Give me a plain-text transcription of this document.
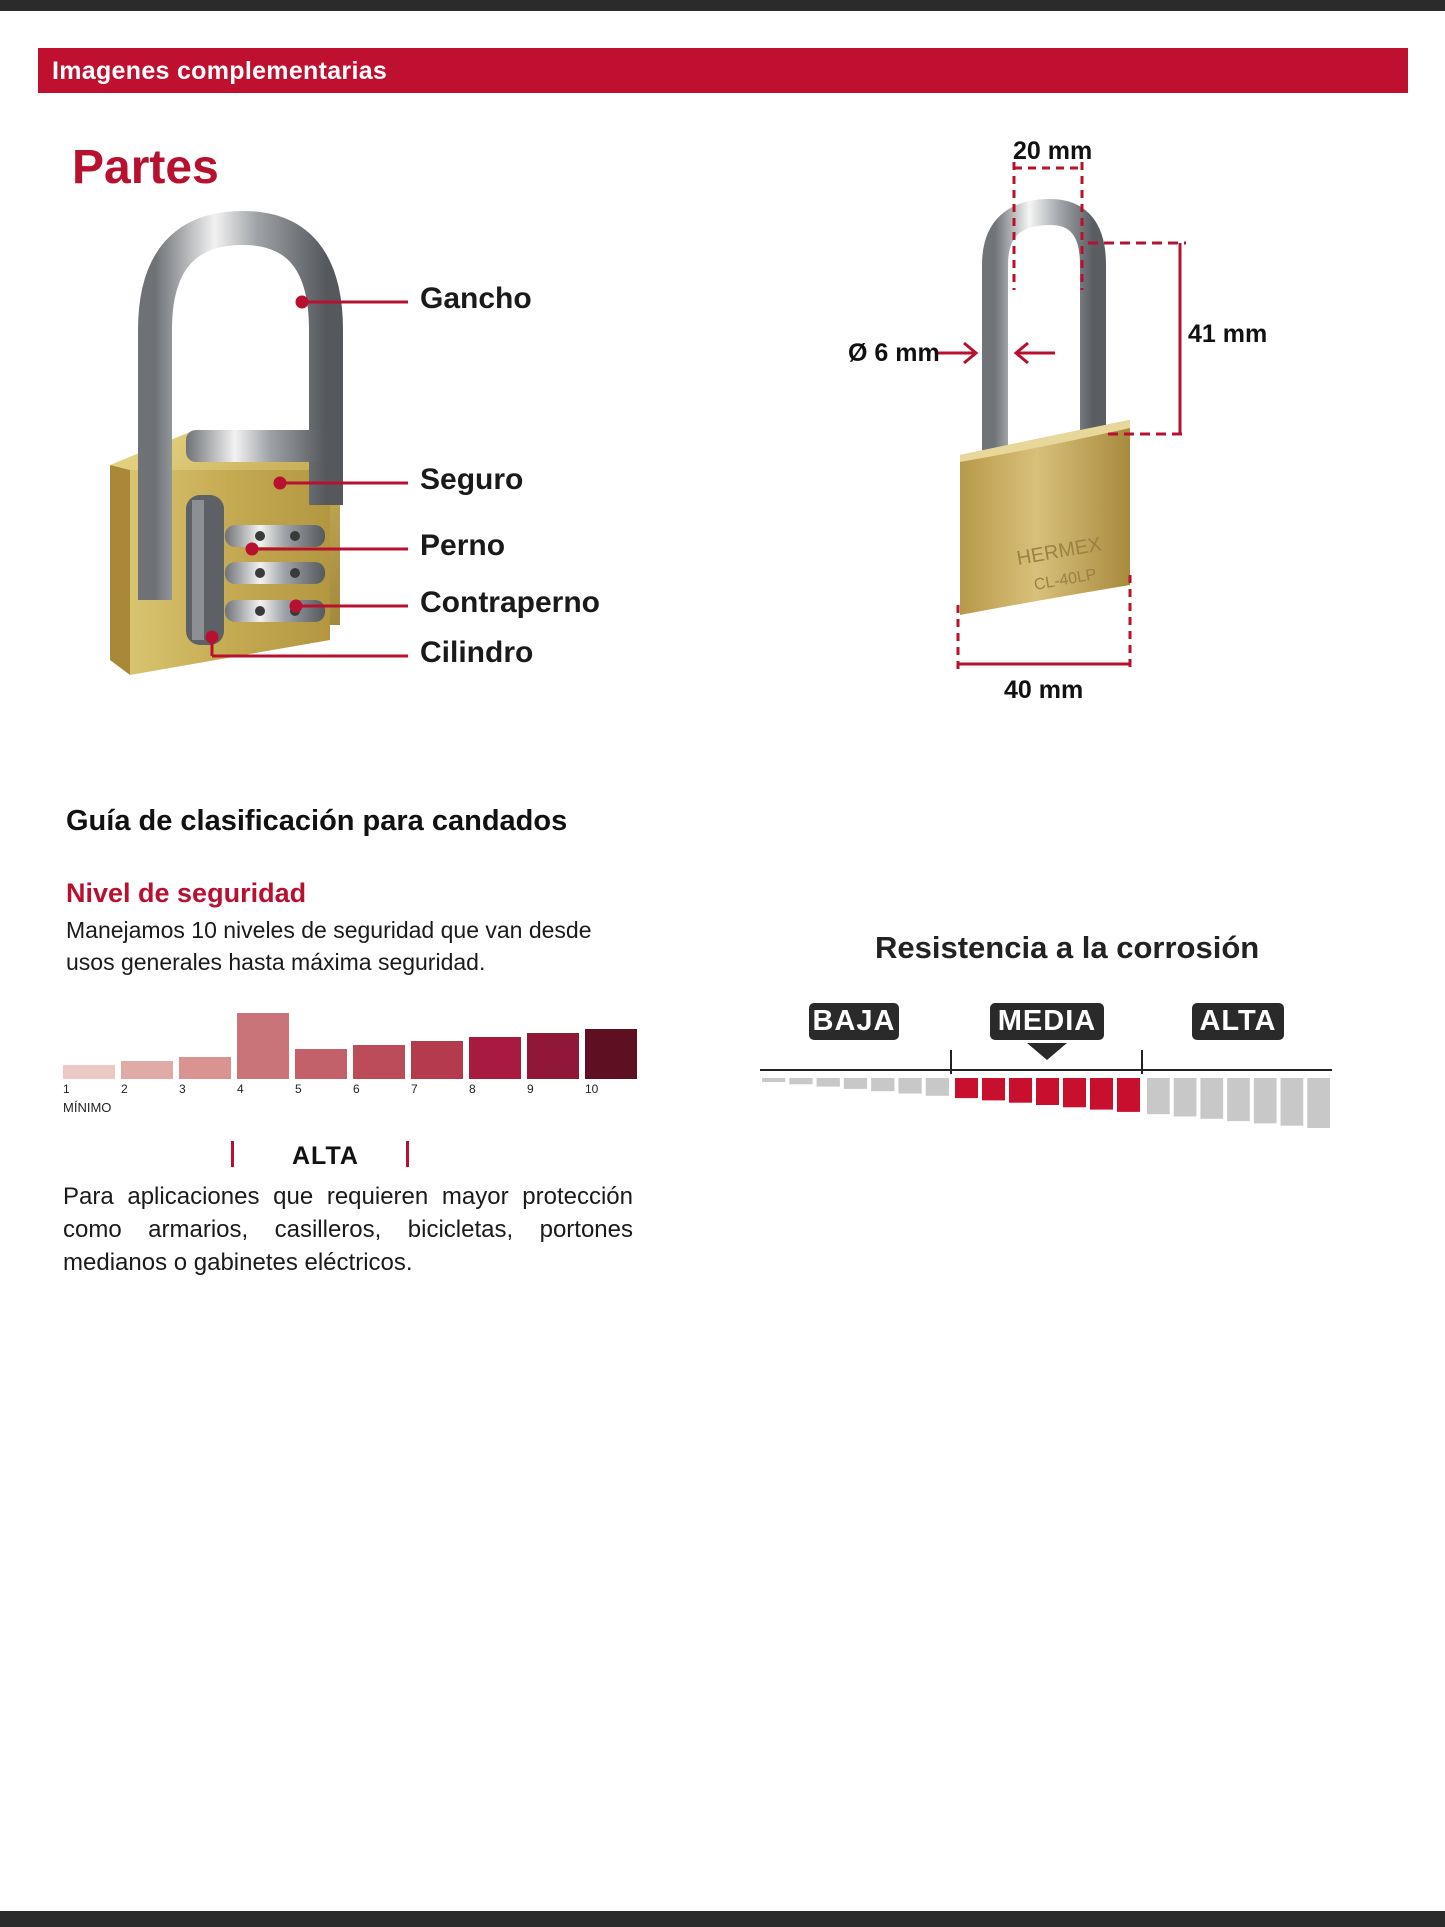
Imagenes complementarias
Partes
Gancho
Seguro
Perno
Contraperno
Cilindro
HERMEX
CL-40LP
20 mm
41 mm
Ø 6 mm
40 mm
Guía de clasificación para candados
Nivel de seguridad
Manejamos 10 niveles de seguridad que van desde usos generales hasta máxima seguridad.
1	2	3	4	5	6	7	8	9	10
MÍNIMO
ALTA
Para aplicaciones que requieren mayor protección como armarios, casilleros, bicicletas, portones medianos o gabinetes eléctricos.
Resistencia a la corrosión
BAJA	MEDIA	ALTA
